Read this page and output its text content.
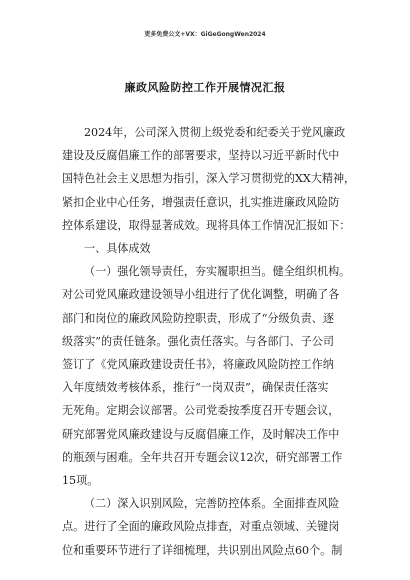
更多免费公文+VX：GiGeGongWen2024
廉政风险防控工作开展情况汇报

2024年，公司深入贯彻上级党委和纪委关于党风廉政

建设及反腐倡廉工作的部署要求，坚持以习近平新时代中

国特色社会主义思想为指引，深入学习贯彻党的XX大精神，

紧扣企业中心任务，增强责任意识，扎实推进廉政风险防

控体系建设，取得显著成效。现将具体工作情况汇报如下：

一、具体成效

（一）强化领导责任，夯实履职担当。健全组织机构。

对公司党风廉政建设领导小组进行了优化调整，明确了各

部门和岗位的廉政风险防控职责，形成了“分级负责、逐

级落实”的责任链条。强化责任落实。与各部门、子公司

签订了《党风廉政建设责任书》，将廉政风险防控工作纳

入年度绩效考核体系，推行“一岗双责”，确保责任落实

无死角。定期会议部署。公司党委按季度召开专题会议，

研究部署党风廉政建设与反腐倡廉工作，及时解决工作中

的瓶颈与困难。全年共召开专题会议12次，研究部署工作

15项。

（二）深入识别风险，完善防控体系。全面排查风险

点。进行了全面的廉政风险点排查，对重点领域、关键岗

位和重要环节进行了详细梳理，共识别出风险点60个。制
